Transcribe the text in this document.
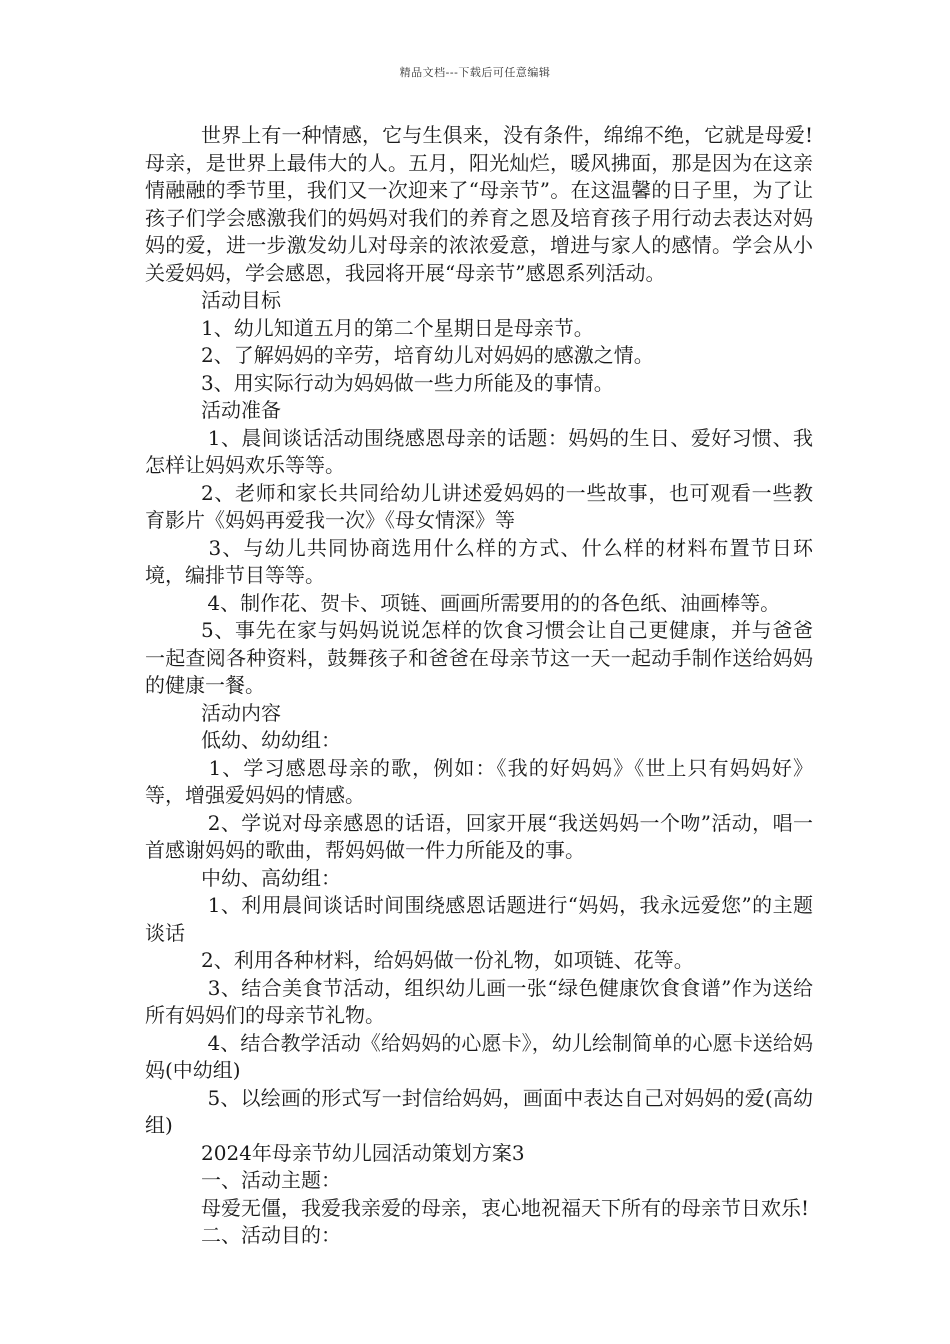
精品文档---下载后可任意编辑

世界上有一种情感，它与生俱来，没有条件，绵绵不绝，它就是母爱!母亲，是世界上最伟大的人。五月，阳光灿烂，暖风拂面，那是因为在这亲情融融的季节里，我们又一次迎来了“母亲节”。在这温馨的日子里，为了让孩子们学会感激我们的妈妈对我们的养育之恩及培育孩子用行动去表达对妈妈的爱，进一步激发幼儿对母亲的浓浓爱意，增进与家人的感情。学会从小关爱妈妈，学会感恩，我园将开展“母亲节”感恩系列活动。

活动目标

1、幼儿知道五月的第二个星期日是母亲节。

2、了解妈妈的辛劳，培育幼儿对妈妈的感激之情。

3、用实际行动为妈妈做一些力所能及的事情。

活动准备

1、晨间谈话活动围绕感恩母亲的话题：妈妈的生日、爱好习惯、我怎样让妈妈欢乐等等。

2、老师和家长共同给幼儿讲述爱妈妈的一些故事，也可观看一些教育影片《妈妈再爱我一次》《母女情深》等

3、与幼儿共同协商选用什么样的方式、什么样的材料布置节日环境，编排节目等等。

4、制作花、贺卡、项链、画画所需要用的的各色纸、油画棒等。

5、事先在家与妈妈说说怎样的饮食习惯会让自己更健康，并与爸爸一起查阅各种资料，鼓舞孩子和爸爸在母亲节这一天一起动手制作送给妈妈的健康一餐。

活动内容

低幼、幼幼组：

1、学习感恩母亲的歌，例如：《我的好妈妈》《世上只有妈妈好》等，增强爱妈妈的情感。

2、学说对母亲感恩的话语，回家开展“我送妈妈一个吻”活动，唱一首感谢妈妈的歌曲，帮妈妈做一件力所能及的事。

中幼、高幼组：

1、利用晨间谈话时间围绕感恩话题进行“妈妈，我永远爱您”的主题谈话

2、利用各种材料，给妈妈做一份礼物，如项链、花等。

3、结合美食节活动，组织幼儿画一张“绿色健康饮食食谱”作为送给所有妈妈们的母亲节礼物。

4、结合教学活动《给妈妈的心愿卡》，幼儿绘制简单的心愿卡送给妈妈(中幼组)

5、以绘画的形式写一封信给妈妈，画面中表达自己对妈妈的爱(高幼组)

2024年母亲节幼儿园活动策划方案3

一、活动主题：

母爱无僵，我爱我亲爱的母亲，衷心地祝福天下所有的母亲节日欢乐!

二、活动目的：
